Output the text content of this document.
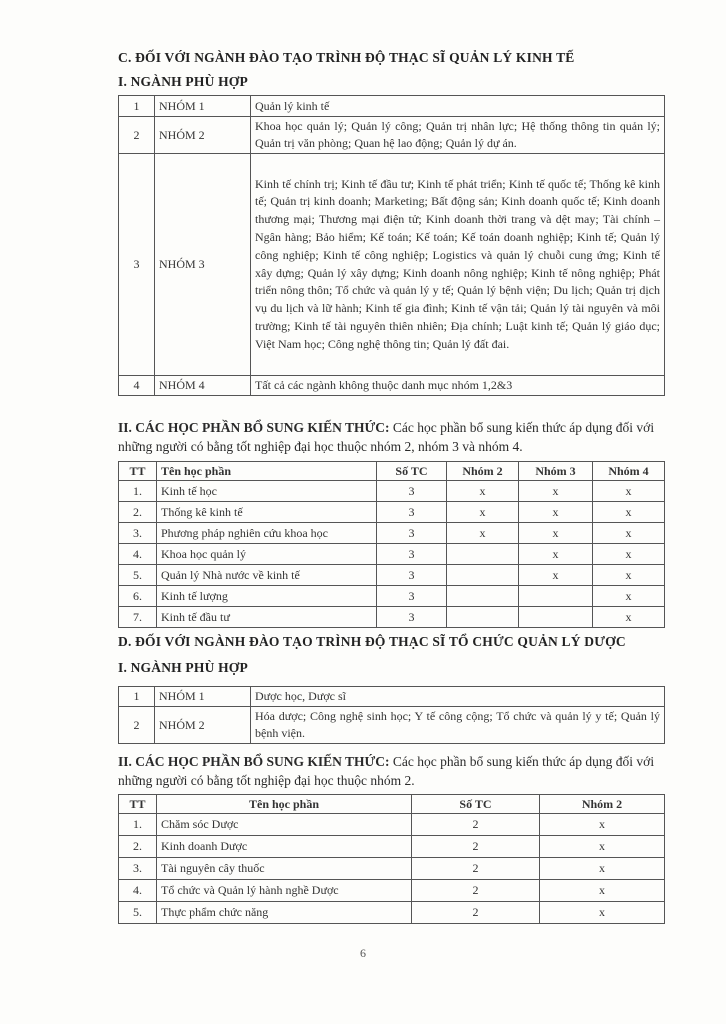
C. ĐỐI VỚI NGÀNH ĐÀO TẠO TRÌNH ĐỘ THẠC SĨ QUẢN LÝ KINH TẾ
I. NGÀNH PHÙ HỢP
1	NHÓM 1	Quản lý kinh tế
2	NHÓM 2	Khoa học quản lý; Quản lý công; Quản trị nhân lực; Hệ thống thông tin quản lý; Quản trị văn phòng; Quan hệ lao động; Quản lý dự án.
3	NHÓM 3	Kinh tế chính trị; Kinh tế đầu tư; Kinh tế phát triển; Kinh tế quốc tế; Thống kê kinh tế; Quản trị kinh doanh; Marketing; Bất động sản; Kinh doanh quốc tế; Kinh doanh thương mại; Thương mại điện tử; Kinh doanh thời trang và dệt may; Tài chính – Ngân hàng; Bảo hiểm; Kế toán; Kế toán; Kế toán doanh nghiệp; Kinh tế; Quản lý công nghiệp; Kinh tế công nghiệp; Logistics và quản lý chuỗi cung ứng; Kinh tế xây dựng; Quản lý xây dựng; Kinh doanh nông nghiệp; Kinh tế nông nghiệp; Phát triển nông thôn; Tổ chức và quản lý y tế; Quản lý bệnh viện; Du lịch; Quản trị dịch vụ du lịch và lữ hành; Kinh tế gia đình; Kinh tế vận tải; Quản lý tài nguyên và môi trường; Kinh tế tài nguyên thiên nhiên; Địa chính; Luật kinh tế; Quản lý giáo dục; Việt Nam học; Công nghệ thông tin; Quản lý đất đai.
4	NHÓM 4	Tất cả các ngành không thuộc danh mục nhóm 1,2&3
II. CÁC HỌC PHẦN BỔ SUNG KIẾN THỨC: Các học phần bổ sung kiến thức áp dụng đối với những người có bằng tốt nghiệp đại học thuộc nhóm 2, nhóm 3 và nhóm 4.
TT	Tên học phần	Số TC	Nhóm 2	Nhóm 3	Nhóm 4
1.	Kinh tế học	3	x	x	x
2.	Thống kê kinh tế	3	x	x	x
3.	Phương pháp nghiên cứu khoa học	3	x	x	x
4.	Khoa học quản lý	3		x	x
5.	Quản lý Nhà nước về kinh tế	3		x	x
6.	Kinh tế lượng	3			x
7.	Kinh tế đầu tư	3			x
D. ĐỐI VỚI NGÀNH ĐÀO TẠO TRÌNH ĐỘ THẠC SĨ TỔ CHỨC QUẢN LÝ DƯỢC
I. NGÀNH PHÙ HỢP
1	NHÓM 1	Dược học, Dược sĩ
2	NHÓM 2	Hóa dược; Công nghệ sinh học; Y tế công cộng; Tổ chức và quản lý y tế; Quản lý bệnh viện.
II. CÁC HỌC PHẦN BỔ SUNG KIẾN THỨC: Các học phần bổ sung kiến thức áp dụng đối với những người có bằng tốt nghiệp đại học thuộc nhóm 2.
TT	Tên học phần	Số TC	Nhóm 2
1.	Chăm sóc Dược	2	x
2.	Kinh doanh Dược	2	x
3.	Tài nguyên cây thuốc	2	x
4.	Tổ chức và Quản lý hành nghề Dược	2	x
5.	Thực phẩm chức năng	2	x
6
